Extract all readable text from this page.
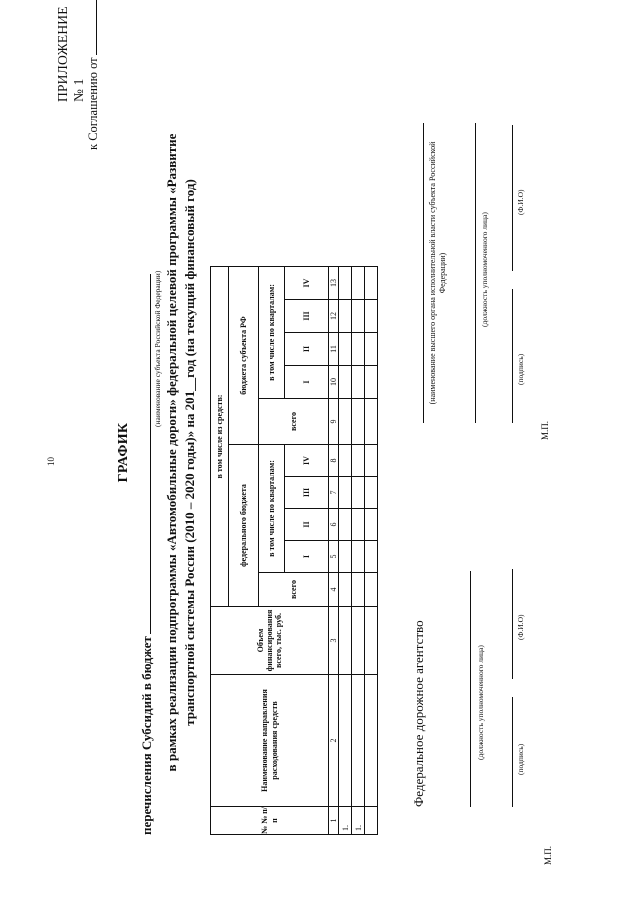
10
ПРИЛОЖЕНИЕ № 1 к Соглашению от
ГРАФИК
перечисления Субсидий в бюджет
(наименование субъекта Российской Федерации) в рамках реализации подпрограммы «Автомобильные дороги» федеральной целевой программы «Развитие транспортной системы России (2010 – 2020 годы)» на 201__год (на текущий финансовый год)
№ № п/п	Наименование направления расходования средств	Объем финансирования всего, тыс. руб.	в том числе из средств:									
			федерального бюджета					бюджета субъекта РФ				
			всего	в том числе по кварталам:				всего	в том числе по кварталам:			
				I	II	III	IV		I	II	III	IV
1	2	3	4	5	6	7	8	9	10	11	12	13
1.												
1.												

Федеральное дорожное агентство	(должность уполномоченного лица)	(подпись)
(Ф.И.О)
М.П.
(наименование высшего органа исполнительной власти субъекта Российской Федерации)	(должность уполномоченного лица)
(подпись)
(Ф.И.О)
М.П.
